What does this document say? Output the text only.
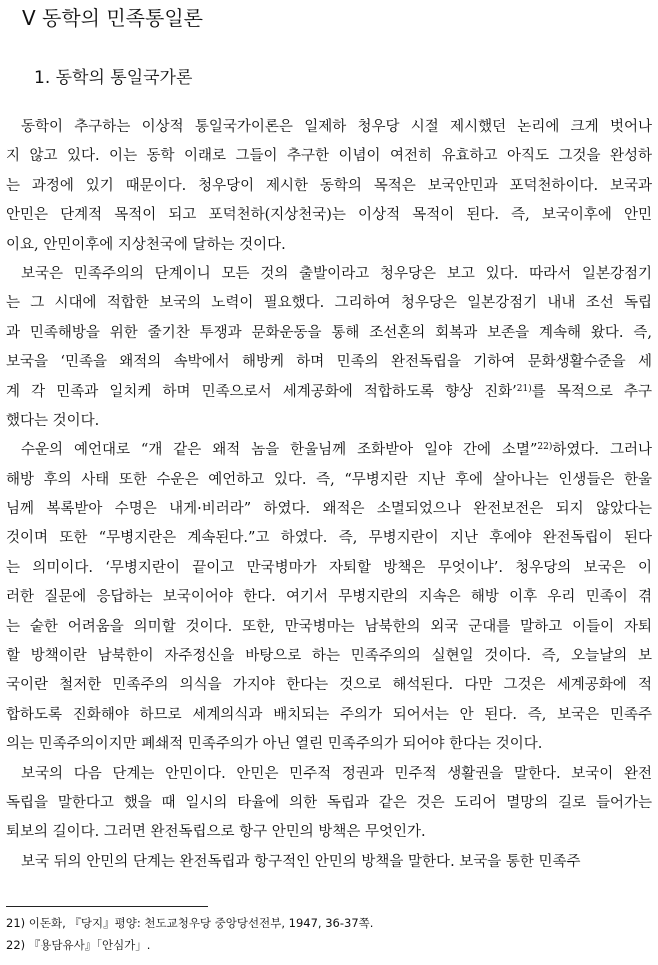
Ⅴ 동학의 민족통일론
1. 동학의 통일국가론
동학이 추구하는 이상적 통일국가이론은 일제하 청우당 시절 제시했던 논리에 크게 벗어나
지 않고 있다. 이는 동학 이래로 그들이 추구한 이념이 여전히 유효하고 아직도 그것을 완성하
는 과정에 있기 때문이다. 청우당이 제시한 동학의 목적은 보국안민과 포덕천하이다. 보국과
안민은 단계적 목적이 되고 포덕천하(지상천국)는 이상적 목적이 된다. 즉, 보국이후에 안민
이요, 안민이후에 지상천국에 달하는 것이다.
보국은 민족주의의 단계이니 모든 것의 출발이라고 청우당은 보고 있다. 따라서 일본강점기
는 그 시대에 적합한 보국의 노력이 필요했다. 그리하여 청우당은 일본강점기 내내 조선 독립
과 민족해방을 위한 줄기찬 투쟁과 문화운동을 통해 조선혼의 회복과 보존을 계속해 왔다. 즉,
보국을 ‘민족을 왜적의 속박에서 해방케 하며 민족의 완전독립을 기하여 문화생활수준을 세
계 각 민족과 일치케 하며 민족으로서 세계공화에 적합하도록 향상 진화’$^{21)}$를 목적으로 추구
했다는 것이다.
수운의 예언대로 “개 같은 왜적 놈을 한울님께 조화받아 일야 간에 소멸”$^{22)}$하였다. 그러나
해방 후의 사태 또한 수운은 예언하고 있다. 즉, “무병지란 지난 후에 살아나는 인생들은 한울
님께 복록받아 수명은 내게·비러라” 하였다. 왜적은 소멸되었으나 완전보전은 되지 않았다는
것이며 또한 “무병지란은 계속된다.”고 하였다. 즉, 무병지란이 지난 후에야 완전독립이 된다
는 의미이다. ‘무병지란이 끝이고 만국병마가 자퇴할 방책은 무엇이냐’. 청우당의 보국은 이
러한 질문에 응답하는 보국이어야 한다. 여기서 무병지란의 지속은 해방 이후 우리 민족이 겪
는 숱한 어려움을 의미할 것이다. 또한, 만국병마는 남북한의 외국 군대를 말하고 이들이 자퇴
할 방책이란 남북한이 자주정신을 바탕으로 하는 민족주의의 실현일 것이다. 즉, 오늘날의 보
국이란 철저한 민족주의 의식을 가지야 한다는 것으로 해석된다. 다만 그것은 세계공화에 적
합하도록 진화해야 하므로 세계의식과 배치되는 주의가 되어서는 안 된다. 즉, 보국은 민족주
의는 민족주의이지만 폐쇄적 민족주의가 아닌 열린 민족주의가 되어야 한다는 것이다.
보국의 다음 단계는 안민이다. 안민은 민주적 정권과 민주적 생활권을 말한다. 보국이 완전
독립을 말한다고 했을 때 일시의 타율에 의한 독립과 같은 것은 도리어 멸망의 길로 들어가는
퇴보의 길이다. 그러면 완전독립으로 항구 안민의 방책은 무엇인가.
보국 뒤의 안민의 단계는 완전독립과 항구적인 안민의 방책을 말한다. 보국을 통한 민족주
21) 이돈화, 『당지』평양: 천도교청우당 중앙당선전부, 1947, 36-37쪽.
22) 『용담유사』「안심가」.
